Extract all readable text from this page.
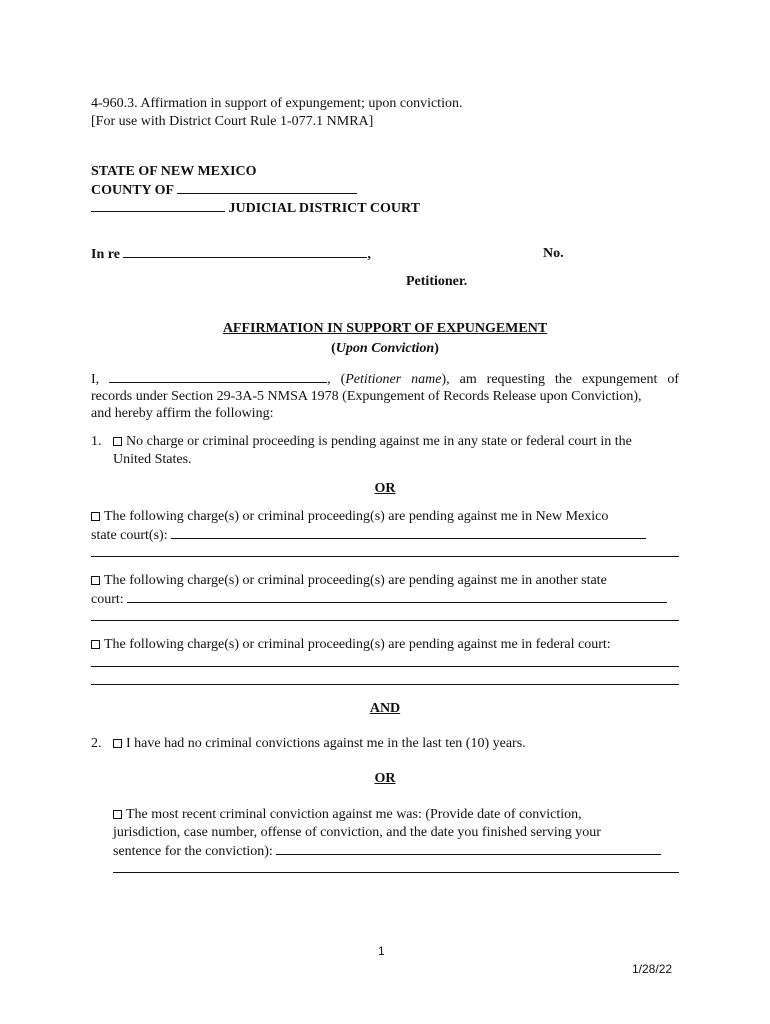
4-960.3. Affirmation in support of expungement; upon conviction.
[For use with District Court Rule 1-077.1 NMRA]
STATE OF NEW MEXICO
COUNTY OF
JUDICIAL DISTRICT COURT
In re	,	No.
Petitioner.
AFFIRMATION IN SUPPORT OF EXPUNGEMENT
(Upon Conviction)
I,	, (Petitioner name), am requesting the expungement of
records under Section 29-3A-5 NMSA 1978 (Expungement of Records Release upon Conviction),
and hereby affirm the following:
1.	No charge or criminal proceeding is pending against me in any state or federal court in the
United States.
OR
The following charge(s) or criminal proceeding(s) are pending against me in New Mexico
state court(s):
The following charge(s) or criminal proceeding(s) are pending against me in another state
court:
The following charge(s) or criminal proceeding(s) are pending against me in federal court:
AND
2.	I have had no criminal convictions against me in the last ten (10) years.
OR
The most recent criminal conviction against me was: (Provide date of conviction,
jurisdiction, case number, offense of conviction, and the date you finished serving your
sentence for the conviction):
1
1/28/22
